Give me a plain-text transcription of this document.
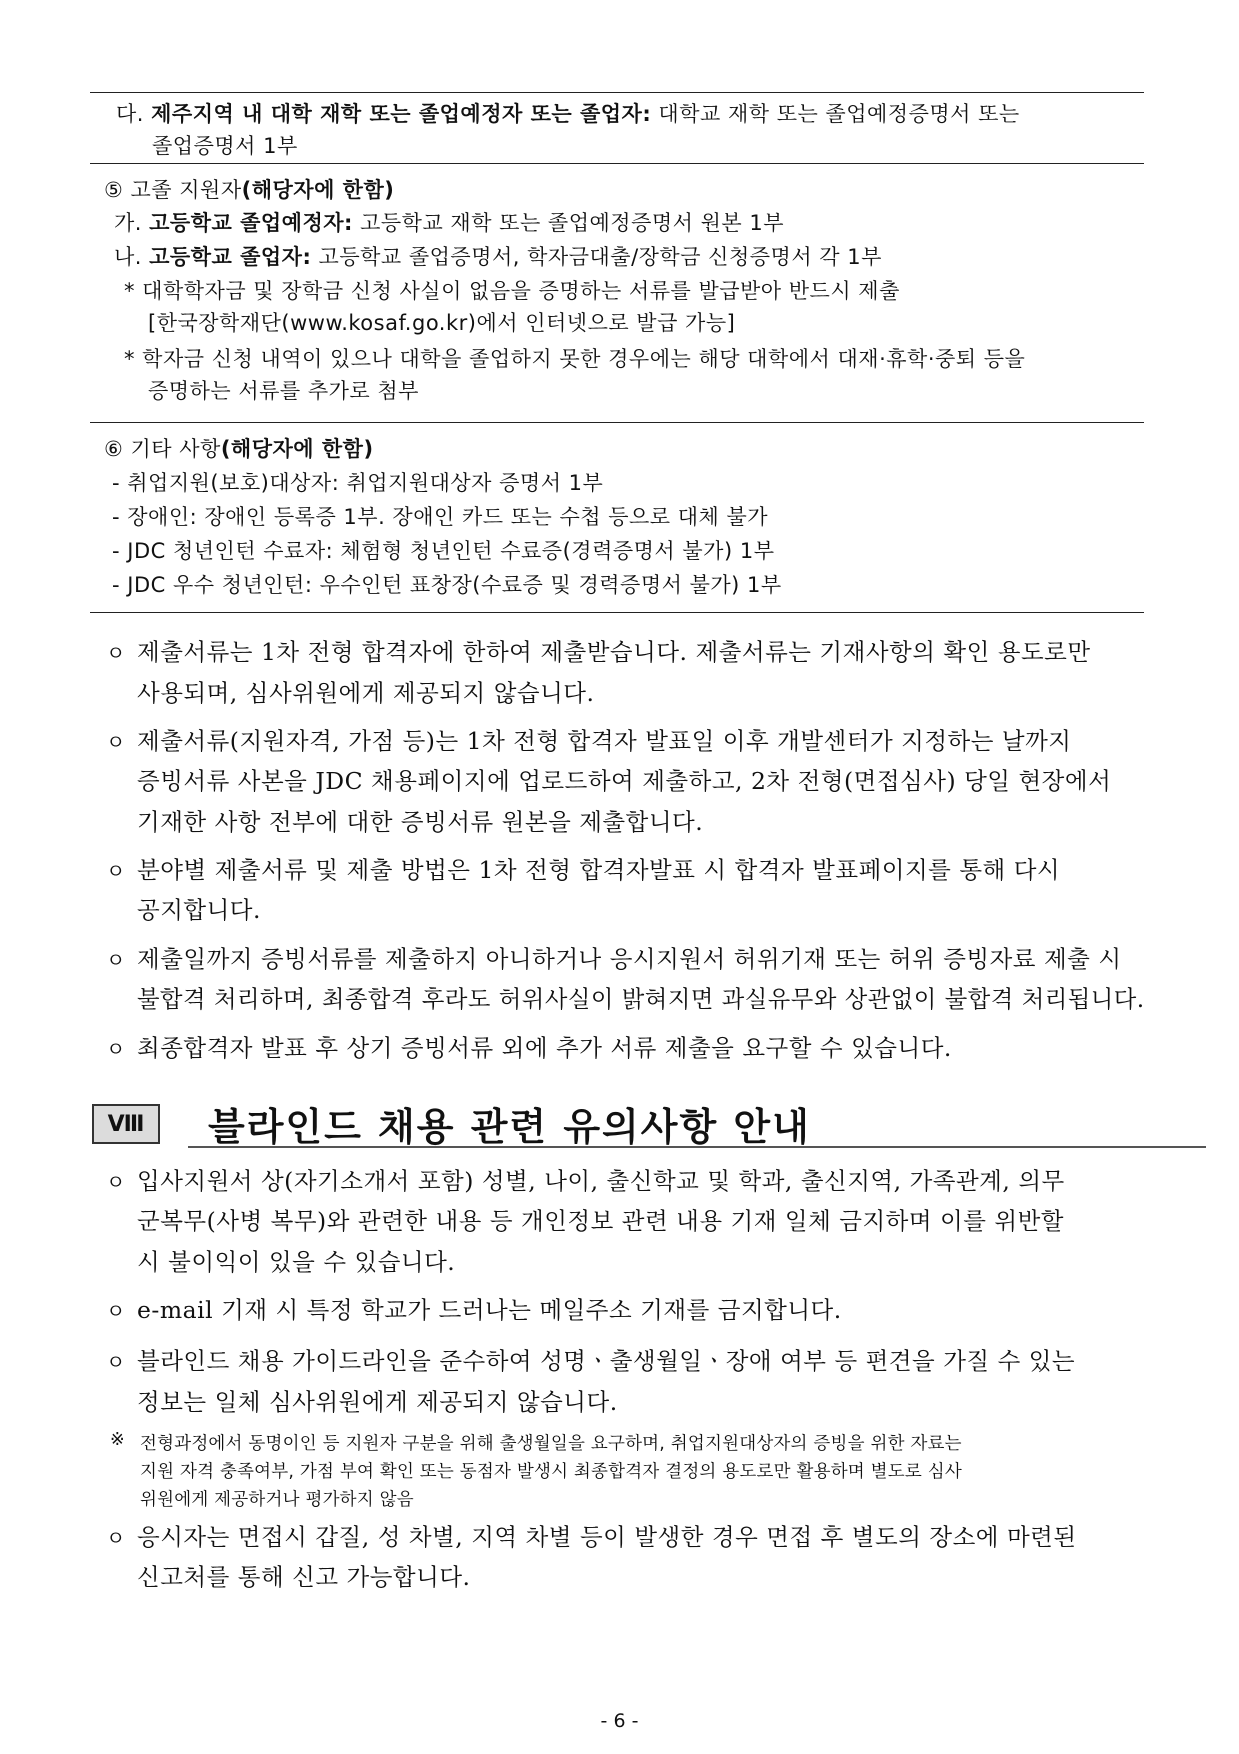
다. 제주지역 내 대학 재학 또는 졸업예정자 또는 졸업자: 대학교 재학 또는 졸업예정증명서 또는
졸업증명서 1부
⑤ 고졸 지원자(해당자에 한함)
가. 고등학교 졸업예정자: 고등학교 재학 또는 졸업예정증명서 원본 1부
나. 고등학교 졸업자: 고등학교 졸업증명서, 학자금대출/장학금 신청증명서 각 1부
* 대학학자금 및 장학금 신청 사실이 없음을 증명하는 서류를 발급받아 반드시 제출
[한국장학재단(www.kosaf.go.kr)에서 인터넷으로 발급 가능]
* 학자금 신청 내역이 있으나 대학을 졸업하지 못한 경우에는 해당 대학에서 대재·휴학·중퇴 등을
증명하는 서류를 추가로 첨부
⑥ 기타 사항(해당자에 한함)
- 취업지원(보호)대상자: 취업지원대상자 증명서 1부
- 장애인: 장애인 등록증 1부. 장애인 카드 또는 수첩 등으로 대체 불가
- JDC 청년인턴 수료자: 체험형 청년인턴 수료증(경력증명서 불가) 1부
- JDC 우수 청년인턴: 우수인턴 표창장(수료증 및 경력증명서 불가) 1부
ㅇ 제출서류는 1차 전형 합격자에 한하여 제출받습니다. 제출서류는 기재사항의 확인 용도로만
사용되며, 심사위원에게 제공되지 않습니다.
ㅇ 제출서류(지원자격, 가점 등)는 1차 전형 합격자 발표일 이후 개발센터가 지정하는 날까지
증빙서류 사본을 JDC 채용페이지에 업로드하여 제출하고, 2차 전형(면접심사) 당일 현장에서
기재한 사항 전부에 대한 증빙서류 원본을 제출합니다.
ㅇ 분야별 제출서류 및 제출 방법은 1차 전형 합격자발표 시 합격자 발표페이지를 통해 다시
공지합니다.
ㅇ 제출일까지 증빙서류를 제출하지 아니하거나 응시지원서 허위기재 또는 허위 증빙자료 제출 시
불합격 처리하며, 최종합격 후라도 허위사실이 밝혀지면 과실유무와 상관없이 불합격 처리됩니다.
ㅇ 최종합격자 발표 후 상기 증빙서류 외에 추가 서류 제출을 요구할 수 있습니다.
Ⅷ	블라인드 채용 관련 유의사항 안내
ㅇ 입사지원서 상(자기소개서 포함) 성별, 나이, 출신학교 및 학과, 출신지역, 가족관계, 의무
군복무(사병 복무)와 관련한 내용 등 개인정보 관련 내용 기재 일체 금지하며 이를 위반할
시 불이익이 있을 수 있습니다.
ㅇ e-mail 기재 시 특정 학교가 드러나는 메일주소 기재를 금지합니다.
ㅇ 블라인드 채용 가이드라인을 준수하여 성명ㆍ출생월일ㆍ장애 여부 등 편견을 가질 수 있는
정보는 일체 심사위원에게 제공되지 않습니다.
※ 전형과정에서 동명이인 등 지원자 구분을 위해 출생월일을 요구하며, 취업지원대상자의 증빙을 위한 자료는
지원 자격 충족여부, 가점 부여 확인 또는 동점자 발생시 최종합격자 결정의 용도로만 활용하며 별도로 심사
위원에게 제공하거나 평가하지 않음
ㅇ 응시자는 면접시 갑질, 성 차별, 지역 차별 등이 발생한 경우 면접 후 별도의 장소에 마련된
신고처를 통해 신고 가능합니다.
- 6 -
